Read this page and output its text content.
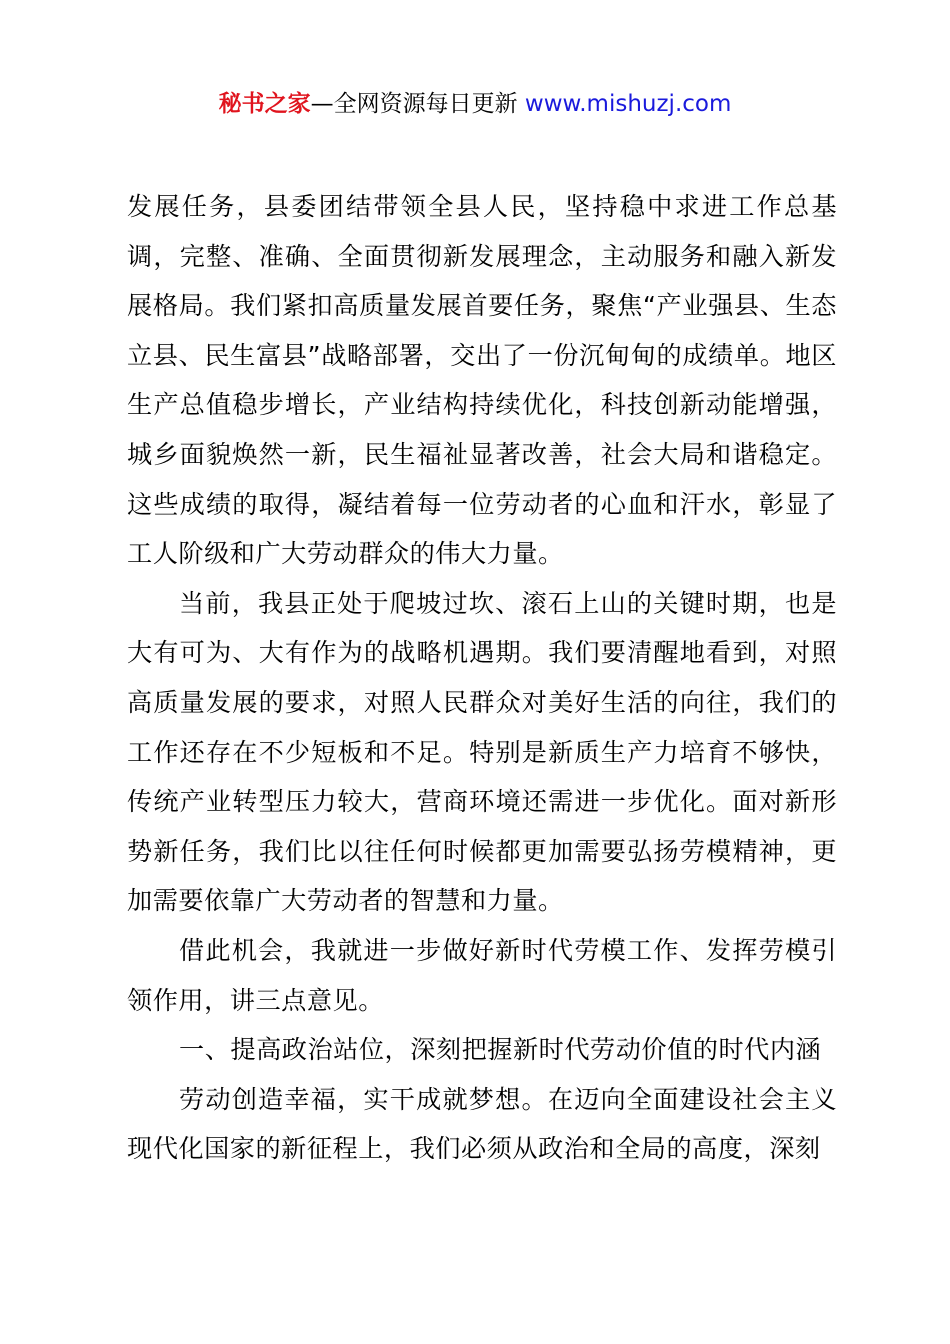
秘书之家—全网资源每日更新 www.mishuzj.com

发展任务，县委团结带领全县人民，坚持稳中求进工作总基调，完整、准确、全面贯彻新发展理念，主动服务和融入新发展格局。我们紧扣高质量发展首要任务，聚焦“产业强县、生态立县、民生富县”战略部署，交出了一份沉甸甸的成绩单。地区生产总值稳步增长，产业结构持续优化，科技创新动能增强，城乡面貌焕然一新，民生福祉显著改善，社会大局和谐稳定。这些成绩的取得，凝结着每一位劳动者的心血和汗水，彰显了工人阶级和广大劳动群众的伟大力量。

当前，我县正处于爬坡过坎、滚石上山的关键时期，也是大有可为、大有作为的战略机遇期。我们要清醒地看到，对照高质量发展的要求，对照人民群众对美好生活的向往，我们的工作还存在不少短板和不足。特别是新质生产力培育不够快，传统产业转型压力较大，营商环境还需进一步优化。面对新形势新任务，我们比以往任何时候都更加需要弘扬劳模精神，更加需要依靠广大劳动者的智慧和力量。

借此机会，我就进一步做好新时代劳模工作、发挥劳模引领作用，讲三点意见。

一、提高政治站位，深刻把握新时代劳动价值的时代内涵

劳动创造幸福，实干成就梦想。在迈向全面建设社会主义现代化国家的新征程上，我们必须从政治和全局的高度，深刻
